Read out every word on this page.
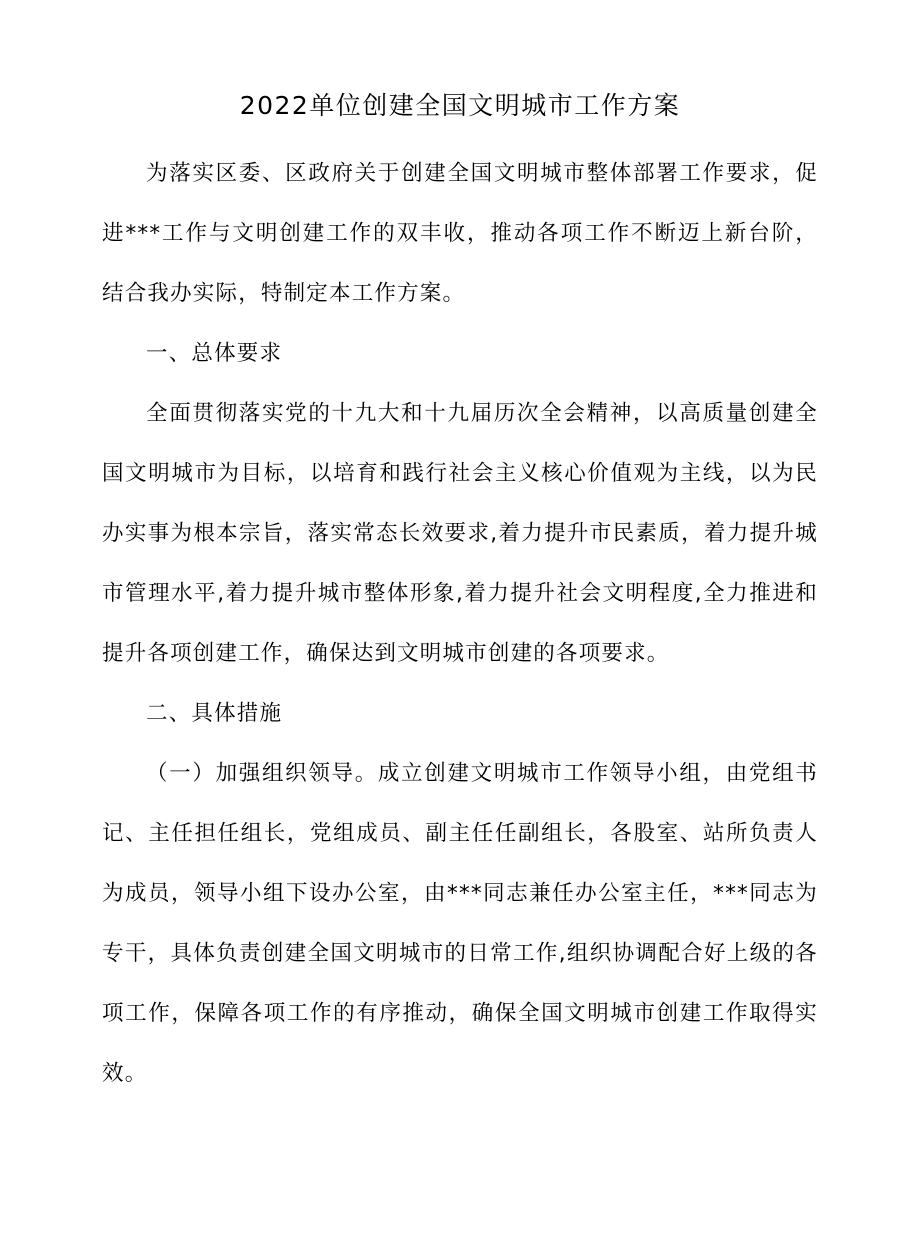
2022单位创建全国文明城市工作方案

为落实区委、区政府关于创建全国文明城市整体部署工作要求，促进***工作与文明创建工作的双丰收，推动各项工作不断迈上新台阶，结合我办实际，特制定本工作方案。

一、总体要求

全面贯彻落实党的十九大和十九届历次全会精神，以高质量创建全国文明城市为目标，以培育和践行社会主义核心价值观为主线，以为民办实事为根本宗旨，落实常态长效要求,着力提升市民素质，着力提升城市管理水平,着力提升城市整体形象,着力提升社会文明程度,全力推进和提升各项创建工作，确保达到文明城市创建的各项要求。

二、具体措施

（一）加强组织领导。成立创建文明城市工作领导小组，由党组书记、主任担任组长，党组成员、副主任任副组长，各股室、站所负责人为成员，领导小组下设办公室，由***同志兼任办公室主任，***同志为专干，具体负责创建全国文明城市的日常工作,组织协调配合好上级的各项工作，保障各项工作的有序推动，确保全国文明城市创建工作取得实效。
